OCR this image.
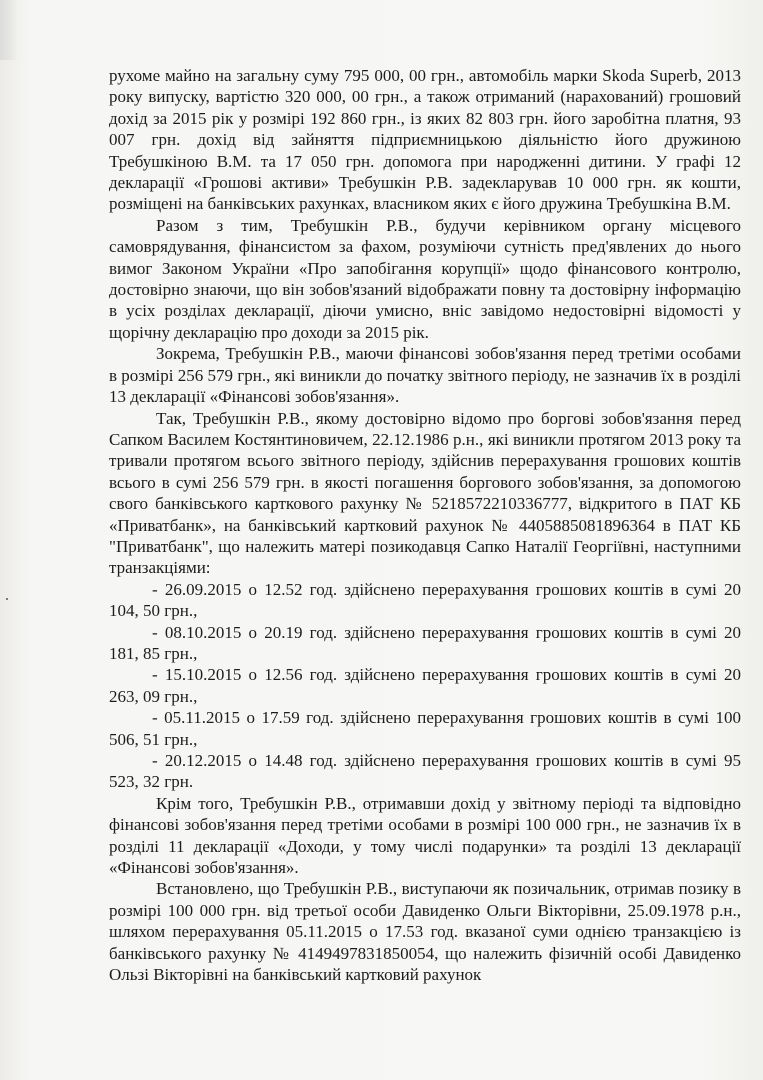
рухоме майно на загальну суму 795 000, 00 грн., автомобіль марки Skoda Superb, 2013 року випуску, вартістю 320 000, 00 грн., а також отриманий (нарахований) грошовий дохід за 2015 рік у розмірі 192 860 грн., із яких 82 803 грн. його заробітна платня, 93 007 грн. дохід від зайняття підприємницькою діяльністю його дружиною Требушкіною В.М. та 17 050 грн. допомога при народженні дитини. У графі 12 декларації «Грошові активи» Требушкін Р.В. задекларував 10 000 грн. як кошти, розміщені на банківських рахунках, власником яких є його дружина Требушкіна В.М.

Разом з тим, Требушкін Р.В., будучи керівником органу місцевого самоврядування, фінансистом за фахом, розуміючи сутність пред'явлених до нього вимог Законом України «Про запобігання корупції» щодо фінансового контролю, достовірно знаючи, що він зобов'язаний відображати повну та достовірну інформацію в усіх розділах декларації, діючи умисно, вніс завідомо недостовірні відомості у щорічну декларацію про доходи за 2015 рік.

Зокрема, Требушкін Р.В., маючи фінансові зобов'язання перед третіми особами в розмірі 256 579 грн., які виникли до початку звітного періоду, не зазначив їх в розділі 13 декларації «Фінансові зобов'язання».

Так, Требушкін Р.В., якому достовірно відомо про боргові зобов'язання перед Сапком Василем Костянтиновичем, 22.12.1986 р.н., які виникли протягом 2013 року та тривали протягом всього звітного періоду, здійснив перерахування грошових коштів всього в сумі 256 579 грн. в якості погашення боргового зобов'язання, за допомогою свого банківського карткового рахунку № 5218572210336777, відкритого в ПАТ КБ «Приватбанк», на банківський картковий рахунок № 4405885081896364 в ПАТ КБ "Приватбанк", що належить матері позикодавця Сапко Наталії Георгіївні, наступними транзакціями:

- 26.09.2015 о 12.52 год. здійснено перерахування грошових коштів в сумі 20 104, 50 грн.,

- 08.10.2015 о 20.19 год. здійснено перерахування грошових коштів в сумі 20 181, 85 грн.,

- 15.10.2015 о 12.56 год. здійснено перерахування грошових коштів в сумі 20 263, 09 грн.,

- 05.11.2015 о 17.59 год. здійснено перерахування грошових коштів в сумі 100 506, 51 грн.,

- 20.12.2015 о 14.48 год. здійснено перерахування грошових коштів в сумі 95 523, 32 грн.

Крім того, Требушкін Р.В., отримавши дохід у звітному періоді та відповідно фінансові зобов'язання перед третіми особами в розмірі 100 000 грн., не зазначив їх в розділі 11 декларації «Доходи, у тому числі подарунки» та розділі 13 декларації «Фінансові зобов'язання».

Встановлено, що Требушкін Р.В., виступаючи як позичальник, отримав позику в розмірі 100 000 грн. від третьої особи Давиденко Ольги Вікторівни, 25.09.1978 р.н., шляхом перерахування 05.11.2015 о 17.53 год. вказаної суми однією транзакцією із банківського рахунку № 4149497831850054, що належить фізичній особі Давиденко Ользі Вікторівні на банківський картковий рахунок
